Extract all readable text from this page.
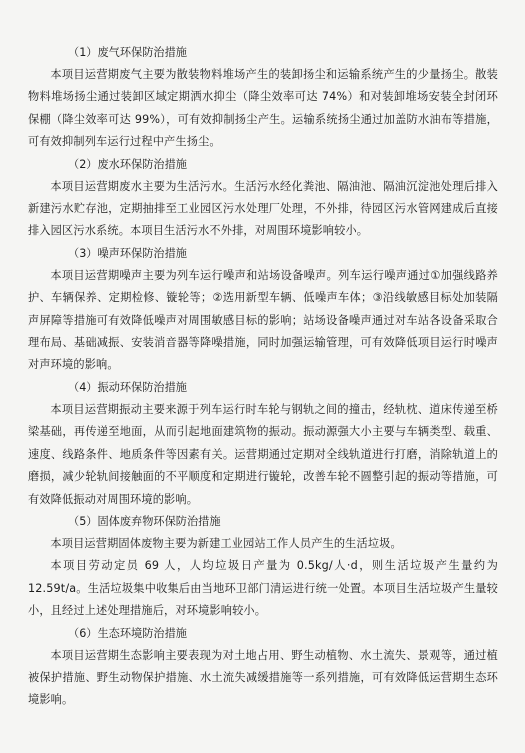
（1）废气环保防治措施

本项目运营期废气主要为散装物料堆场产生的装卸扬尘和运输系统产生的少量扬尘。散装物料堆场扬尘通过装卸区域定期洒水抑尘（降尘效率可达 74%）和对装卸堆场安装全封闭环保棚（降尘效率可达 99%），可有效抑制扬尘产生。运输系统扬尘通过加盖防水油布等措施，可有效抑制列车运行过程中产生扬尘。

（2）废水环保防治措施

本项目运营期废水主要为生活污水。生活污水经化粪池、隔油池、隔油沉淀池处理后排入新建污水贮存池，定期抽排至工业园区污水处理厂处理，不外排，待园区污水管网建成后直接排入园区污水系统。本项目生活污水不外排，对周围环境影响较小。

（3）噪声环保防治措施

本项目运营期噪声主要为列车运行噪声和站场设备噪声。列车运行噪声通过①加强线路养护、车辆保养、定期检修、镟轮等；②选用新型车辆、低噪声车体；③沿线敏感目标处加装隔声屏障等措施可有效降低噪声对周围敏感目标的影响；站场设备噪声通过对车站各设备采取合理布局、基础减振、安装消音器等降噪措施，同时加强运输管理，可有效降低项目运行时噪声对声环境的影响。

（4）振动环保防治措施

本项目运营期振动主要来源于列车运行时车轮与钢轨之间的撞击，经轨枕、道床传递至桥梁基础，再传递至地面，从而引起地面建筑物的振动。振动源强大小主要与车辆类型、载重、速度、线路条件、地质条件等因素有关。运营期通过定期对全线轨道进行打磨，消除轨道上的磨损，减少轮轨间接触面的不平顺度和定期进行镟轮，改善车轮不圆整引起的振动等措施，可有效降低振动对周围环境的影响。

（5）固体废弃物环保防治措施

本项目运营期固体废物主要为新建工业园站工作人员产生的生活垃圾。

本项目劳动定员 69 人，人均垃圾日产量为 0.5kg/人·d，则生活垃圾产生量约为 12.59t/a。生活垃圾集中收集后由当地环卫部门清运进行统一处置。本项目生活垃圾产生量较小，且经过上述处理措施后，对环境影响较小。

（6）生态环境防治措施

本项目运营期生态影响主要表现为对土地占用、野生动植物、水土流失、景观等，通过植被保护措施、野生动物保护措施、水土流失减缓措施等一系列措施，可有效降低运营期生态环境影响。
